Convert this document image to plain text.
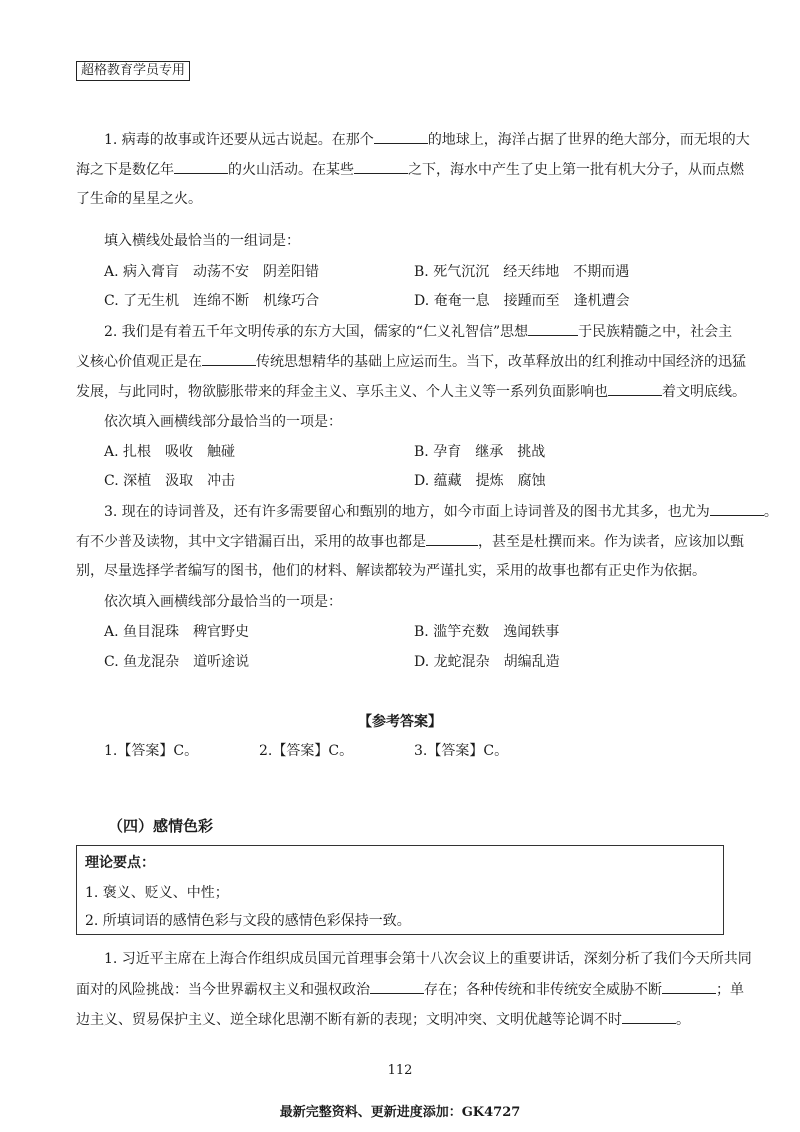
超格教育学员专用
1. 病毒的故事或许还要从远古说起。在那个	的地球上，海洋占据了世界的绝大部分，而无垠的大
海之下是数亿年	的火山活动。在某些	之下，海水中产生了史上第一批有机大分子，从而点燃
了生命的星星之火。
填入横线处最恰当的一组词是：
A. 病入膏肓　动荡不安　阴差阳错	B. 死气沉沉　经天纬地　不期而遇
C. 了无生机　连绵不断　机缘巧合	D. 奄奄一息　接踵而至　逢机遭会
2. 我们是有着五千年文明传承的东方大国，儒家的“仁义礼智信”思想	于民族精髓之中，社会主
义核心价值观正是在	传统思想精华的基础上应运而生。当下，改革释放出的红利推动中国经济的迅猛
发展，与此同时，物欲膨胀带来的拜金主义、享乐主义、个人主义等一系列负面影响也	着文明底线。
依次填入画横线部分最恰当的一项是：
A. 扎根　吸收　触碰	B. 孕育　继承　挑战
C. 深植　汲取　冲击	D. 蕴藏　提炼　腐蚀
3. 现在的诗词普及，还有许多需要留心和甄别的地方，如今市面上诗词普及的图书尤其多，也尤为	。
有不少普及读物，其中文字错漏百出，采用的故事也都是	，甚至是杜撰而来。作为读者，应该加以甄
别，尽量选择学者编写的图书，他们的材料、解读都较为严谨扎实，采用的故事也都有正史作为依据。
依次填入画横线部分最恰当的一项是：
A. 鱼目混珠　稗官野史	B. 滥竽充数　逸闻轶事
C. 鱼龙混杂　道听途说	D. 龙蛇混杂　胡编乱造
【参考答案】
1.【答案】C。	2.【答案】C。	3.【答案】C。
（四）感情色彩
理论要点：
1. 褒义、贬义、中性；
2. 所填词语的感情色彩与文段的感情色彩保持一致。
1. 习近平主席在上海合作组织成员国元首理事会第十八次会议上的重要讲话，深刻分析了我们今天所共同
面对的风险挑战：当今世界霸权主义和强权政治	存在；各种传统和非传统安全威胁不断	；单
边主义、贸易保护主义、逆全球化思潮不断有新的表现；文明冲突、文明优越等论调不时	。
112
最新完整资料、更新进度添加：GK4727
